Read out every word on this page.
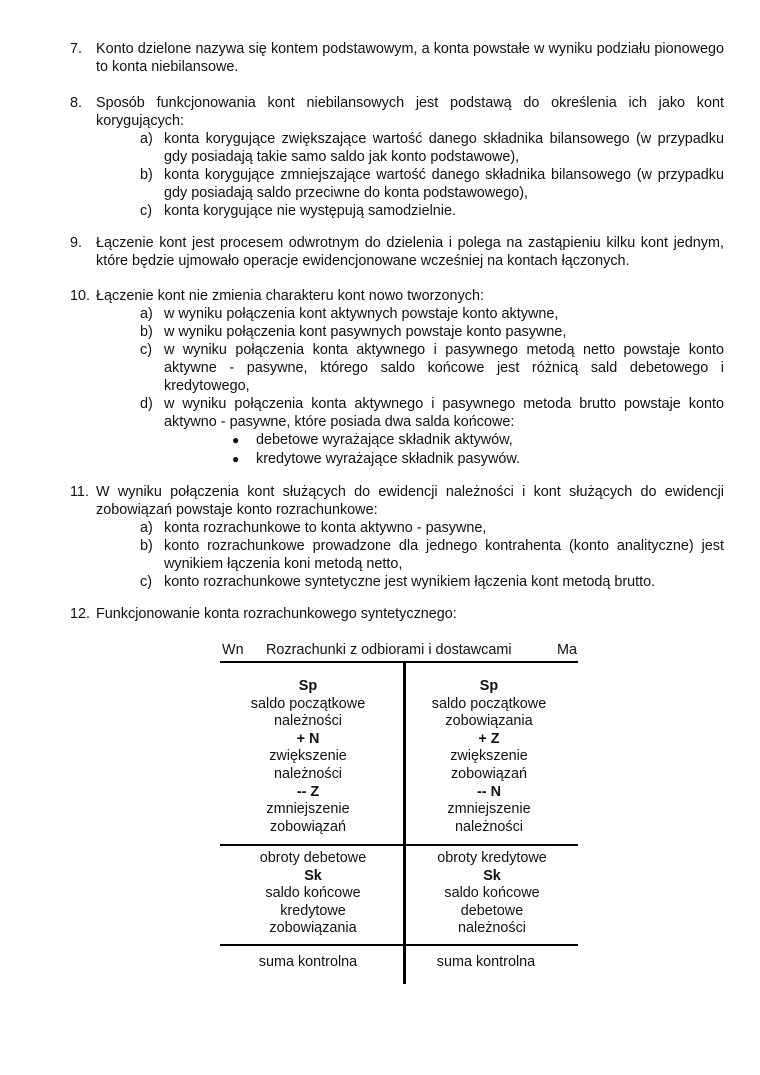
7. Konto dzielone nazywa się kontem podstawowym, a konta powstałe w wyniku podziału pionowego to konta niebilansowe.
8. Sposób funkcjonowania kont niebilansowych jest podstawą do określenia ich jako kont korygujących:
a) konta korygujące zwiększające wartość danego składnika bilansowego (w przypadku gdy posiadają takie samo saldo jak konto podstawowe),
b) konta korygujące zmniejszające wartość danego składnika bilansowego (w przypadku gdy posiadają saldo przeciwne do konta podstawowego),
c) konta korygujące nie występują samodzielnie.
9. Łączenie kont jest procesem odwrotnym do dzielenia i polega na zastąpieniu kilku kont jednym, które będzie ujmowało operacje ewidencjonowane wcześniej na kontach łączonych.
10. Łączenie kont nie zmienia charakteru kont nowo tworzonych:
a) w wyniku połączenia kont aktywnych powstaje konto aktywne,
b) w wyniku połączenia kont pasywnych powstaje konto pasywne,
c) w wyniku połączenia konta aktywnego i pasywnego metodą netto powstaje konto aktywne - pasywne, którego saldo końcowe jest różnicą sald debetowego i kredytowego,
d) w wyniku połączenia konta aktywnego i pasywnego metoda brutto powstaje konto aktywno - pasywne, które posiada dwa salda końcowe:
● debetowe wyrażające składnik aktywów,
● kredytowe wyrażające składnik pasywów.
11. W wyniku połączenia kont służących do ewidencji należności i kont służących do ewidencji zobowiązań powstaje konto rozrachunkowe:
a) konta rozrachunkowe to konta aktywno - pasywne,
b) konto rozrachunkowe prowadzone dla jednego kontrahenta (konto analityczne) jest wynikiem łączenia koni metodą netto,
c) konto rozrachunkowe syntetyczne jest wynikiem łączenia kont metodą brutto.
12. Funkcjonowanie konta rozrachunkowego syntetycznego:
Wn Rozrachunki z odbiorami i dostawcami	Ma
Sp
saldo początkowe
należności
+ N
zwiększenie
należności
-- Z
zmniejszenie
zobowiązań
Sp
saldo początkowe
zobowiązania
+ Z
zwiększenie
zobowiązań
-- N
zmniejszenie
należności
obroty debetowe
Sk
saldo końcowe
kredytowe
zobowiązania
obroty kredytowe
Sk
saldo końcowe
debetowe
należności
suma kontrolna	suma kontrolna
